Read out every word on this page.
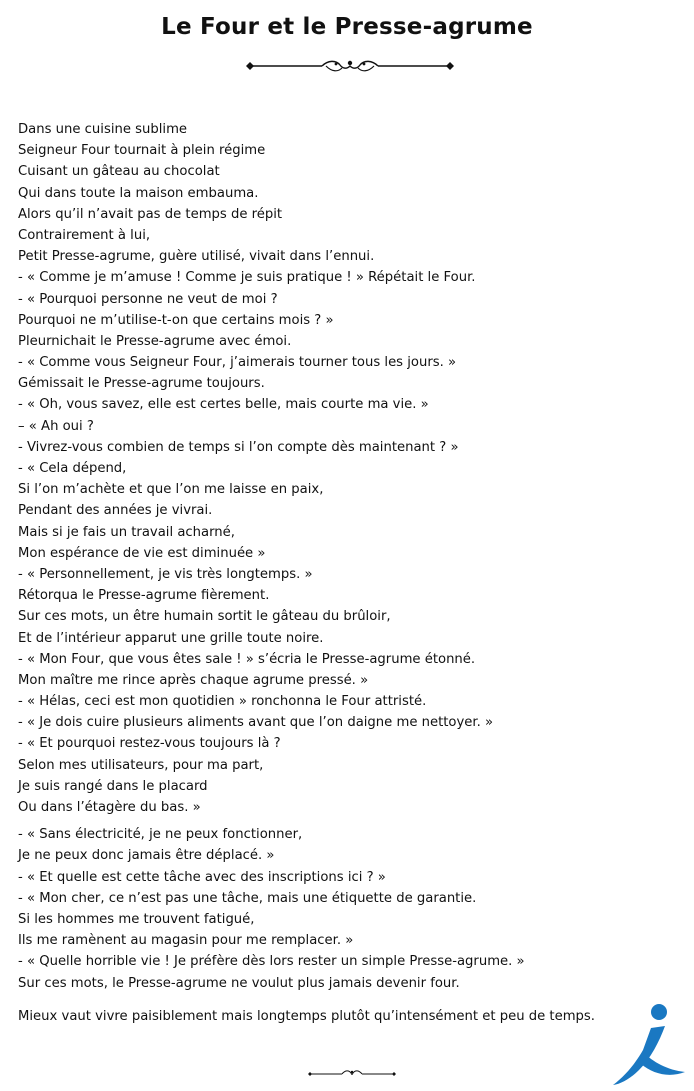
Le Four et le Presse-agrume
Dans une cuisine sublime
Seigneur Four tournait à plein régime
Cuisant un gâteau au chocolat
Qui dans toute la maison embauma.
Alors qu’il n’avait pas de temps de répit
Contrairement à lui,
Petit Presse-agrume, guère utilisé, vivait dans l’ennui.
- « Comme je m’amuse ! Comme je suis pratique ! » Répétait le Four.
- « Pourquoi personne ne veut de moi ?
Pourquoi ne m’utilise-t-on que certains mois ? »
Pleurnichait le Presse-agrume avec émoi.
- « Comme vous Seigneur Four, j’aimerais tourner tous les jours. »
Gémissait le Presse-agrume toujours.
- « Oh, vous savez, elle est certes belle, mais courte ma vie. »
– « Ah oui ?
- Vivrez-vous combien de temps si l’on compte dès maintenant ? »
- « Cela dépend,
Si l’on m’achète et que l’on me laisse en paix,
Pendant des années je vivrai.
Mais si je fais un travail acharné,
Mon espérance de vie est diminuée »
- « Personnellement, je vis très longtemps. »
Rétorqua le Presse-agrume fièrement.
Sur ces mots, un être humain sortit le gâteau du brûloir,
Et de l’intérieur apparut une grille toute noire.
- « Mon Four, que vous êtes sale ! » s’écria le Presse-agrume étonné.
Mon maître me rince après chaque agrume pressé. »
- « Hélas, ceci est mon quotidien » ronchonna le Four attristé.
- « Je dois cuire plusieurs aliments avant que l’on daigne me nettoyer. »
- « Et pourquoi restez-vous toujours là ?
Selon mes utilisateurs, pour ma part,
Je suis rangé dans le placard
Ou dans l’étagère du bas. »
- « Sans électricité, je ne peux fonctionner,
Je ne peux donc jamais être déplacé. »
- « Et quelle est cette tâche avec des inscriptions ici ? »
- « Mon cher, ce n’est pas une tâche, mais une étiquette de garantie.
Si les hommes me trouvent fatigué,
Ils me ramènent au magasin pour me remplacer. »
- « Quelle horrible vie ! Je préfère dès lors rester un simple Presse-agrume. »
Sur ces mots, le Presse-agrume ne voulut plus jamais devenir four.
Mieux vaut vivre paisiblement mais longtemps plutôt qu’intensément et peu de temps.
